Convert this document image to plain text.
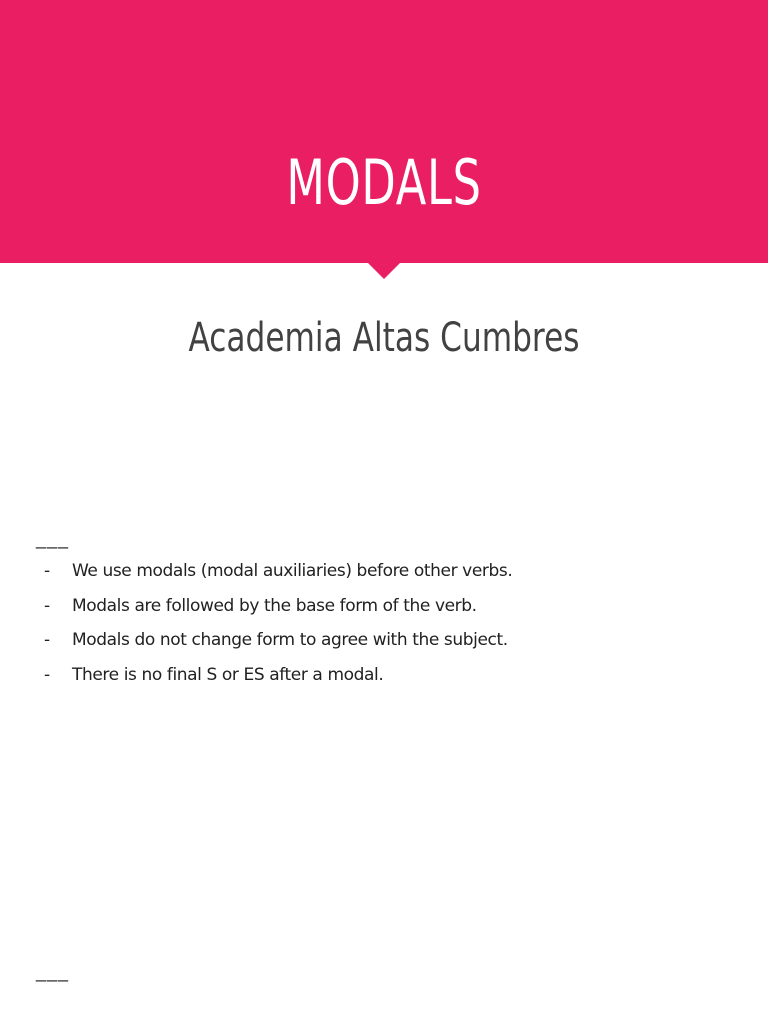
MODALS
Academia Altas Cumbres
___
-	We use modals (modal auxiliaries) before other verbs.
-	Modals are followed by the base form of the verb.
-	Modals do not change form to agree with the subject.
-	There is no final S or ES after a modal.
___
